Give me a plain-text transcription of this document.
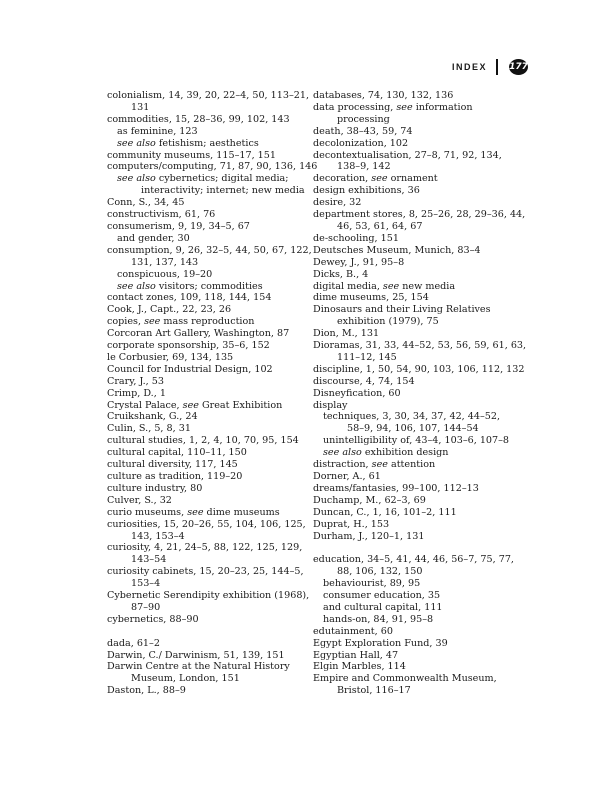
INDEX 177
colonialism, 14, 39, 20, 22–4, 50, 113–21,
131
commodities, 15, 28–36, 99, 102, 143
as feminine, 123
see also fetishism; aesthetics
community museums, 115–17, 151
computers/computing, 71, 87, 90, 136, 146
see also cybernetics; digital media;
interactivity; internet; new media
Conn, S., 34, 45
constructivism, 61, 76
consumerism, 9, 19, 34–5, 67
and gender, 30
consumption, 9, 26, 32–5, 44, 50, 67, 122,
131, 137, 143
conspicuous, 19–20
see also visitors; commodities
contact zones, 109, 118, 144, 154
Cook, J., Capt., 22, 23, 26
copies, see mass reproduction
Corcoran Art Gallery, Washington, 87
corporate sponsorship, 35–6, 152
le Corbusier, 69, 134, 135
Council for Industrial Design, 102
Crary, J., 53
Crimp, D., 1
Crystal Palace, see Great Exhibition
Cruikshank, G., 24
Culin, S., 5, 8, 31
cultural studies, 1, 2, 4, 10, 70, 95, 154
cultural capital, 110–11, 150
cultural diversity, 117, 145
culture as tradition, 119–20
culture industry, 80
Culver, S., 32
curio museums, see dime museums
curiosities, 15, 20–26, 55, 104, 106, 125,
143, 153–4
curiosity, 4, 21, 24–5, 88, 122, 125, 129,
143–54
curiosity cabinets, 15, 20–23, 25, 144–5,
153–4
Cybernetic Serendipity exhibition (1968),
87–90
cybernetics, 88–90
dada, 61–2
Darwin, C./ Darwinism, 51, 139, 151
Darwin Centre at the Natural History
Museum, London, 151
Daston, L., 88–9
databases, 74, 130, 132, 136
data processing, see information
processing
death, 38–43, 59, 74
decolonization, 102
decontextualisation, 27–8, 71, 92, 134,
138–9, 142
decoration, see ornament
design exhibitions, 36
desire, 32
department stores, 8, 25–26, 28, 29–36, 44,
46, 53, 61, 64, 67
de-schooling, 151
Deutsches Museum, Munich, 83–4
Dewey, J., 91, 95–8
Dicks, B., 4
digital media, see new media
dime museums, 25, 154
Dinosaurs and their Living Relatives
exhibition (1979), 75
Dion, M., 131
Dioramas, 31, 33, 44–52, 53, 56, 59, 61, 63,
111–12, 145
discipline, 1, 50, 54, 90, 103, 106, 112, 132
discourse, 4, 74, 154
Disneyfication, 60
display
techniques, 3, 30, 34, 37, 42, 44–52,
58–9, 94, 106, 107, 144–54
unintelligibility of, 43–4, 103–6, 107–8
see also exhibition design
distraction, see attention
Dorner, A., 61
dreams/fantasies, 99–100, 112–13
Duchamp, M., 62–3, 69
Duncan, C., 1, 16, 101–2, 111
Duprat, H., 153
Durham, J., 120–1, 131
education, 34–5, 41, 44, 46, 56–7, 75, 77,
88, 106, 132, 150
behaviourist, 89, 95
consumer education, 35
and cultural capital, 111
hands-on, 84, 91, 95–8
edutainment, 60
Egypt Exploration Fund, 39
Egyptian Hall, 47
Elgin Marbles, 114
Empire and Commonwealth Museum,
Bristol, 116–17
